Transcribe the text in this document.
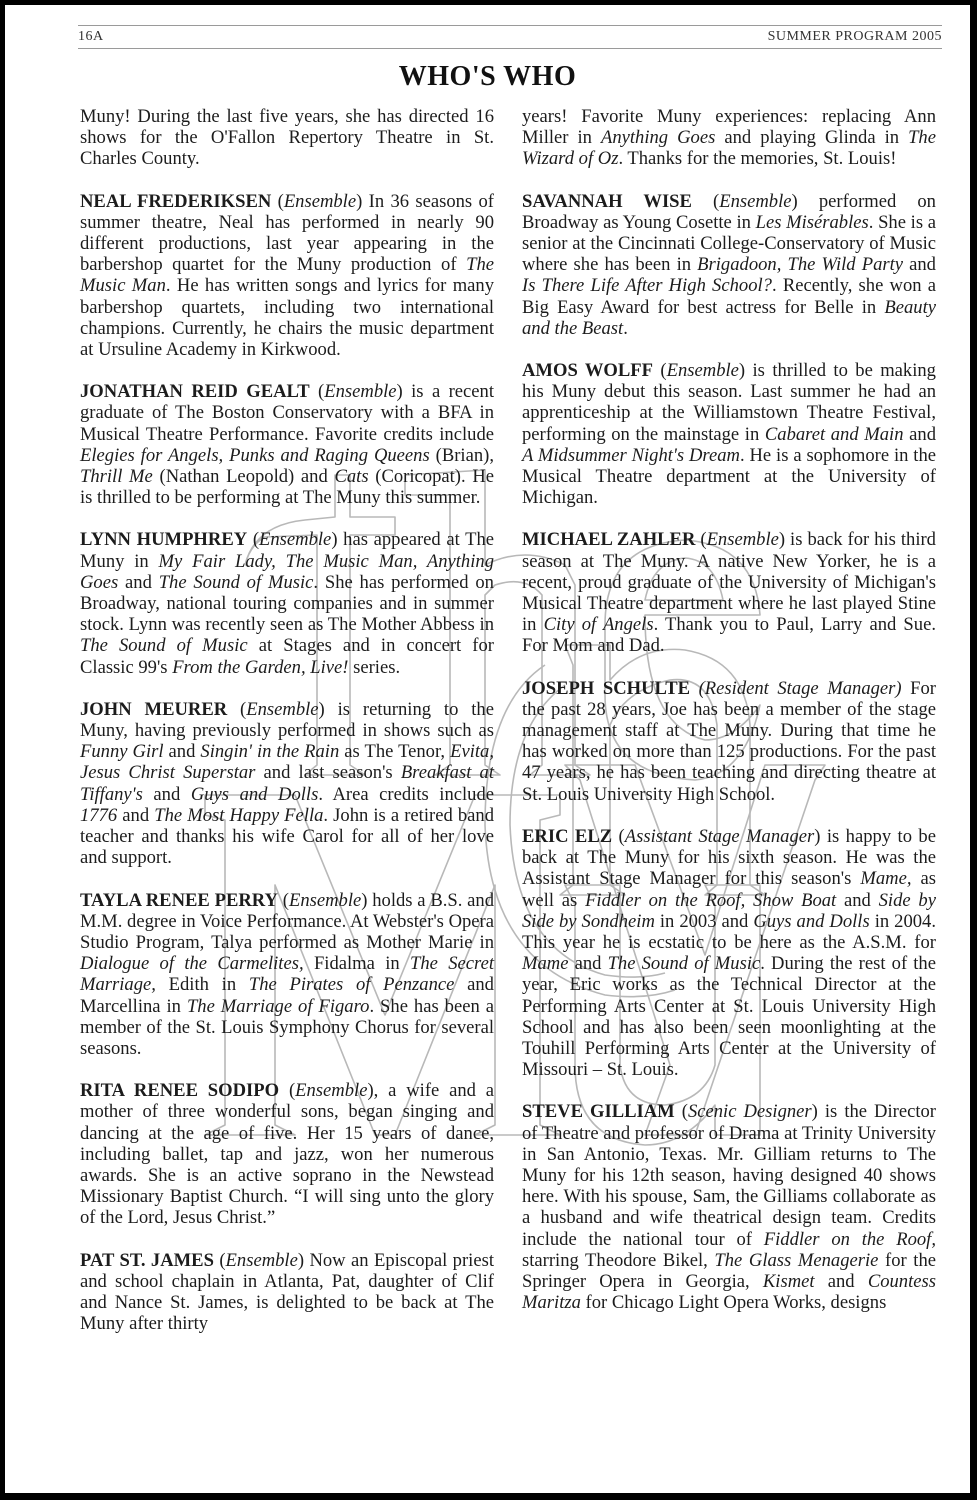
16A	SUMMER PROGRAM 2005
WHO'S WHO

Muny! During the last five years, she has directed 16 shows for the O'Fallon Repertory Theatre in St. Charles County.

NEAL FREDERIKSEN (Ensemble) In 36 seasons of summer theatre, Neal has performed in nearly 90 different productions, last year appearing in the barbershop quartet for the Muny production of The Music Man. He has written songs and lyrics for many barbershop quartets, including two international champions. Currently, he chairs the music department at Ursuline Academy in Kirkwood.

JONATHAN REID GEALT (Ensemble) is a recent graduate of The Boston Conservatory with a BFA in Musical Theatre Performance. Favorite credits include Elegies for Angels, Punks and Raging Queens (Brian), Thrill Me (Nathan Leopold) and Cats (Coricopat). He is thrilled to be performing at The Muny this summer.

LYNN HUMPHREY (Ensemble) has appeared at The Muny in My Fair Lady, The Music Man, Anything Goes and The Sound of Music. She has performed on Broadway, national touring companies and in summer stock. Lynn was recently seen as The Mother Abbess in The Sound of Music at Stages and in concert for Classic 99's From the Garden, Live! series.

JOHN MEURER (Ensemble) is returning to the Muny, having previously performed in shows such as Funny Girl and Singin' in the Rain as The Tenor, Evita, Jesus Christ Superstar and last season's Breakfast at Tiffany's and Guys and Dolls. Area credits include 1776 and The Most Happy Fella. John is a retired band teacher and thanks his wife Carol for all of her love and support.

TAYLA RENEE PERRY (Ensemble) holds a B.S. and M.M. degree in Voice Performance. At Webster's Opera Studio Program, Talya performed as Mother Marie in Dialogue of the Carmelites, Fidalma in The Secret Marriage, Edith in The Pirates of Penzance and Marcellina in The Marriage of Figaro. She has been a member of the St. Louis Symphony Chorus for several seasons.

RITA RENEE SODIPO (Ensemble), a wife and a mother of three wonderful sons, began singing and dancing at the age of five. Her 15 years of dance, including ballet, tap and jazz, won her numerous awards. She is an active soprano in the Newstead Missionary Baptist Church. “I will sing unto the glory of the Lord, Jesus Christ.”

PAT ST. JAMES (Ensemble) Now an Episcopal priest and school chaplain in Atlanta, Pat, daughter of Clif and Nance St. James, is delighted to be back at The Muny after thirty

years! Favorite Muny experiences: replacing Ann Miller in Anything Goes and playing Glinda in The Wizard of Oz. Thanks for the memories, St. Louis!

SAVANNAH WISE (Ensemble) performed on Broadway as Young Cosette in Les Misérables. She is a senior at the Cincinnati College-Conservatory of Music where she has been in Brigadoon, The Wild Party and Is There Life After High School?. Recently, she won a Big Easy Award for best actress for Belle in Beauty and the Beast.

AMOS WOLFF (Ensemble) is thrilled to be making his Muny debut this season. Last summer he had an apprenticeship at the Williamstown Theatre Festival, performing on the mainstage in Cabaret and Main and A Midsummer Night's Dream. He is a sophomore in the Musical Theatre department at the University of Michigan.

MICHAEL ZAHLER (Ensemble) is back for his third season at The Muny. A native New Yorker, he is a recent, proud graduate of the University of Michigan's Musical Theatre department where he last played Stine in City of Angels. Thank you to Paul, Larry and Sue. For Mom and Dad.

JOSEPH SCHULTE (Resident Stage Manager) For the past 28 years, Joe has been a member of the stage management staff at The Muny. During that time he has worked on more than 125 productions. For the past 47 years, he has been teaching and directing theatre at St. Louis University High School.

ERIC ELZ (Assistant Stage Manager) is happy to be back at The Muny for his sixth season. He was the Assistant Stage Manager for this season's Mame, as well as Fiddler on the Roof, Show Boat and Side by Side by Sondheim in 2003 and Guys and Dolls in 2004. This year he is ecstatic to be here as the A.S.M. for Mame and The Sound of Music. During the rest of the year, Eric works as the Technical Director at the Performing Arts Center at St. Louis University High School and has also been seen moonlighting at the Touhill Performing Arts Center at the University of Missouri – St. Louis.

STEVE GILLIAM (Scenic Designer) is the Director of Theatre and professor of Drama at Trinity University in San Antonio, Texas. Mr. Gilliam returns to The Muny for his 12th season, having designed 40 shows here. With his spouse, Sam, the Gilliams collaborate as a husband and wife theatrical design team. Credits include the national tour of Fiddler on the Roof, starring Theodore Bikel, The Glass Menagerie for the Springer Opera in Georgia, Kismet and Countess Maritza for Chicago Light Opera Works, designs
